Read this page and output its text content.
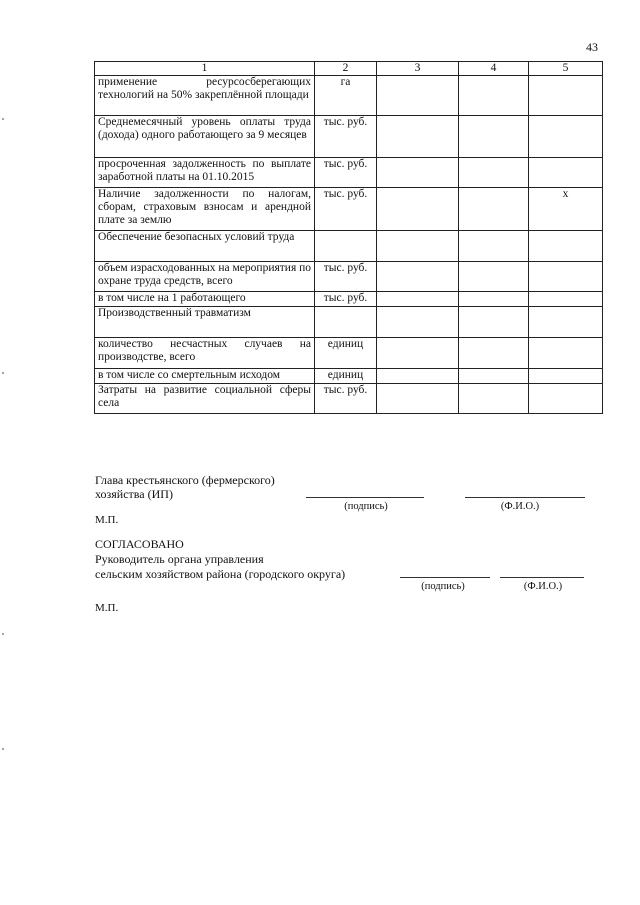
43
1	2	3	4	5
применение ресурсосберегающих технологий на 50% закреплённой площади	га			
Среднемесячный уровень оплаты труда (дохода) одного работающего за 9 месяцев	тыс. руб.			
просроченная задолженность по выплате заработной платы на 01.10.2015	тыс. руб.			
Наличие задолженности по налогам, сборам, страховым взносам и арендной плате за землю	тыс. руб.			х
Обеспечение безопасных условий труда				
объем израсходованных на мероприятия по охране труда средств, всего	тыс. руб.			
в том числе на 1 работающего	тыс. руб.			
Производственный травматизм				
количество несчастных случаев на производстве, всего	единиц			
в том числе со смертельным исходом	единиц			
Затраты на развитие социальной сферы села	тыс. руб.			
Глава крестьянского (фермерского)
хозяйства (ИП)
(подпись)	(Ф.И.О.)
М.П.
СОГЛАСОВАНО
Руководитель органа управления
сельским хозяйством района (городского округа)
(подпись)	(Ф.И.О.)
М.П.
